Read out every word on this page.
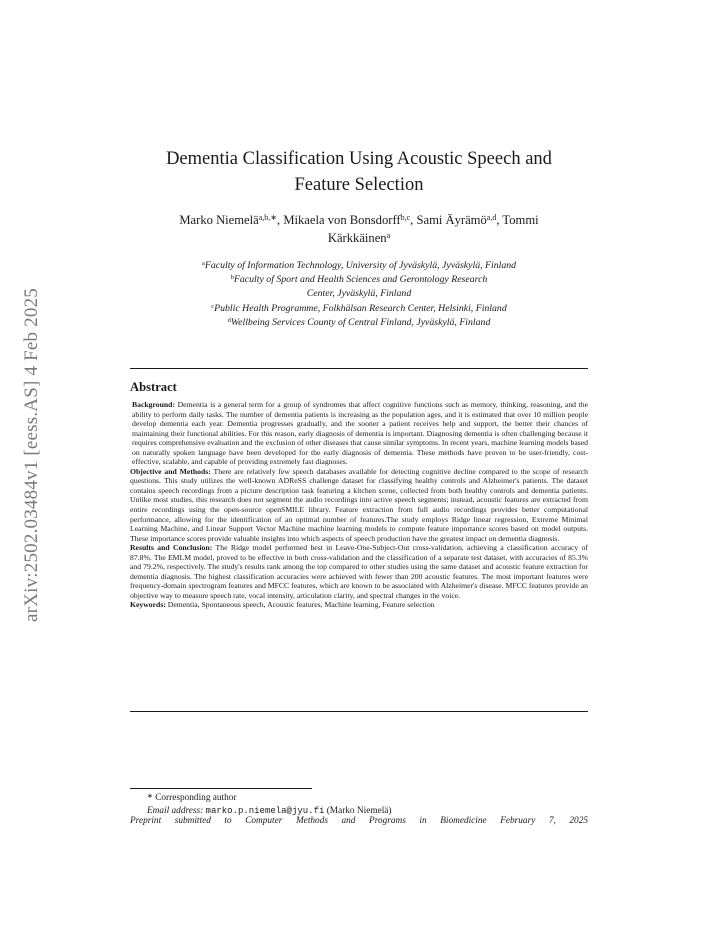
arXiv:2502.03484v1 [eess.AS] 4 Feb 2025
Dementia Classification Using Acoustic Speech and
Feature Selection
Marko Niemelä$^{a,b,∗}$, Mikaela von Bonsdorff$^{b,c}$, Sami Äyrämö$^{a,d}$, Tommi
Kärkkäinen$^a$
$^a$Faculty of Information Technology, University of Jyväskylä, Jyväskylä, Finland
$^b$Faculty of Sport and Health Sciences and Gerontology Research
Center, Jyväskylä, Finland
$^c$Public Health Programme, Folkhälsan Research Center, Helsinki, Finland
$^d$Wellbeing Services County of Central Finland, Jyväskylä, Finland
Abstract

Background: Dementia is a general term for a group of syndromes that affect cognitive functions such as memory, thinking, reasoning, and the ability to perform daily tasks. The number of dementia patients is increasing as the population ages, and it is estimated that over 10 million people develop dementia each year. Dementia progresses gradually, and the sooner a patient receives help and support, the better their chances of maintaining their functional abilities. For this reason, early diagnosis of dementia is important. Diagnosing dementia is often challenging because it requires comprehensive evaluation and the exclusion of other diseases that cause similar symptoms. In recent years, machine learning models based on naturally spoken language have been developed for the early diagnosis of dementia. These methods have proven to be user-friendly, cost-effective, scalable, and capable of providing extremely fast diagnoses.

Objective and Methods: There are relatively few speech databases available for detecting cognitive decline compared to the scope of research questions. This study utilizes the well-known ADReSS challenge dataset for classifying healthy controls and Alzheimer's patients. The dataset contains speech recordings from a picture description task featuring a kitchen scene, collected from both healthy controls and dementia patients. Unlike most studies, this research does not segment the audio recordings into active speech segments; instead, acoustic features are extracted from entire recordings using the open-source openSMILE library. Feature extraction from full audio recordings provides better computational performance, allowing for the identification of an optimal number of features.The study employs Ridge linear regression, Extreme Minimal Learning Machine, and Linear Support Vector Machine machine learning models to compute feature importance scores based on model outputs. These importance scores provide valuable insights into which aspects of speech production have the greatest impact on dementia diagnosis.

Results and Conclusion: The Ridge model performed best in Leave-One-Subject-Out cross-validation, achieving a classification accuracy of 87.8%. The EMLM model, proved to be effective in both cross-validation and the classification of a separate test dataset, with accuracies of 85.3% and 79.2%, respectively. The study's results rank among the top compared to other studies using the same dataset and acoustic feature extraction for dementia diagnosis. The highest classification accuracies were achieved with fewer than 200 acoustic features. The most important features were frequency-domain spectrogram features and MFCC features, which are known to be associated with Alzheimer's disease. MFCC features provide an objective way to measure speech rate, vocal intensity, articulation clarity, and spectral changes in the voice.

Keywords: Dementia, Spontaneous speech, Acoustic features, Machine learning, Feature selection

∗ Corresponding author
Email address: marko.p.niemela@jyu.fi (Marko Niemelä)
Preprint submitted to Computer Methods and Programs in Biomedicine February 7, 2025
